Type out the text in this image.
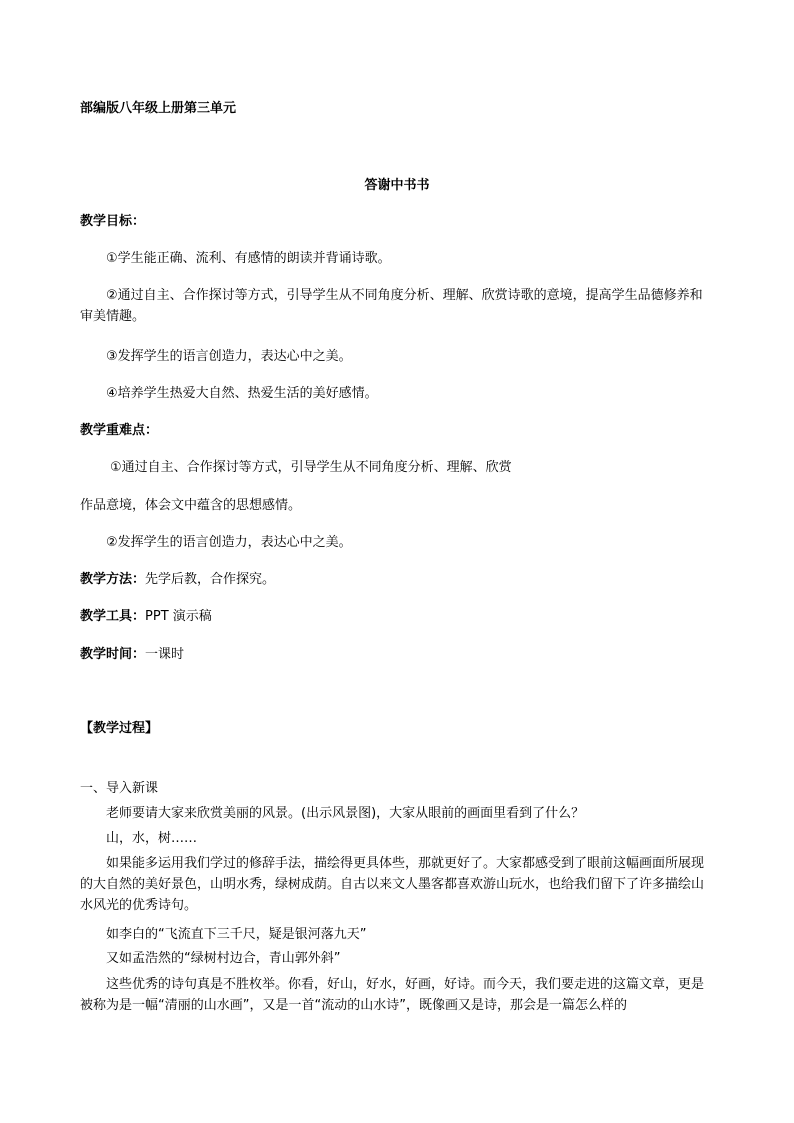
部编版八年级上册第三单元
答谢中书书
教学目标：
①学生能正确、流利、有感情的朗读并背诵诗歌。
②通过自主、合作探讨等方式，引导学生从不同角度分析、理解、欣赏诗歌的意境，提高学生品德修养和审美情趣。
③发挥学生的语言创造力，表达心中之美。
④培养学生热爱大自然、热爱生活的美好感情。
教学重难点：
①通过自主、合作探讨等方式，引导学生从不同角度分析、理解、欣赏
作品意境，体会文中蕴含的思想感情。
②发挥学生的语言创造力，表达心中之美。
教学方法：先学后教，合作探究。
教学工具：PPT 演示稿
教学时间：一课时
【教学过程】
一、导入新课
老师要请大家来欣赏美丽的风景。(出示风景图)，大家从眼前的画面里看到了什么？
山，水，树……
如果能多运用我们学过的修辞手法，描绘得更具体些，那就更好了。大家都感受到了眼前这幅画面所展现的大自然的美好景色，山明水秀，绿树成荫。自古以来文人墨客都喜欢游山玩水，也给我们留下了许多描绘山水风光的优秀诗句。
如李白的“飞流直下三千尺，疑是银河落九天”
又如孟浩然的“绿树村边合，青山郭外斜”
这些优秀的诗句真是不胜枚举。你看，好山，好水，好画，好诗。而今天，我们要走进的这篇文章，更是被称为是一幅“清丽的山水画”，又是一首“流动的山水诗”，既像画又是诗，那会是一篇怎么样的
